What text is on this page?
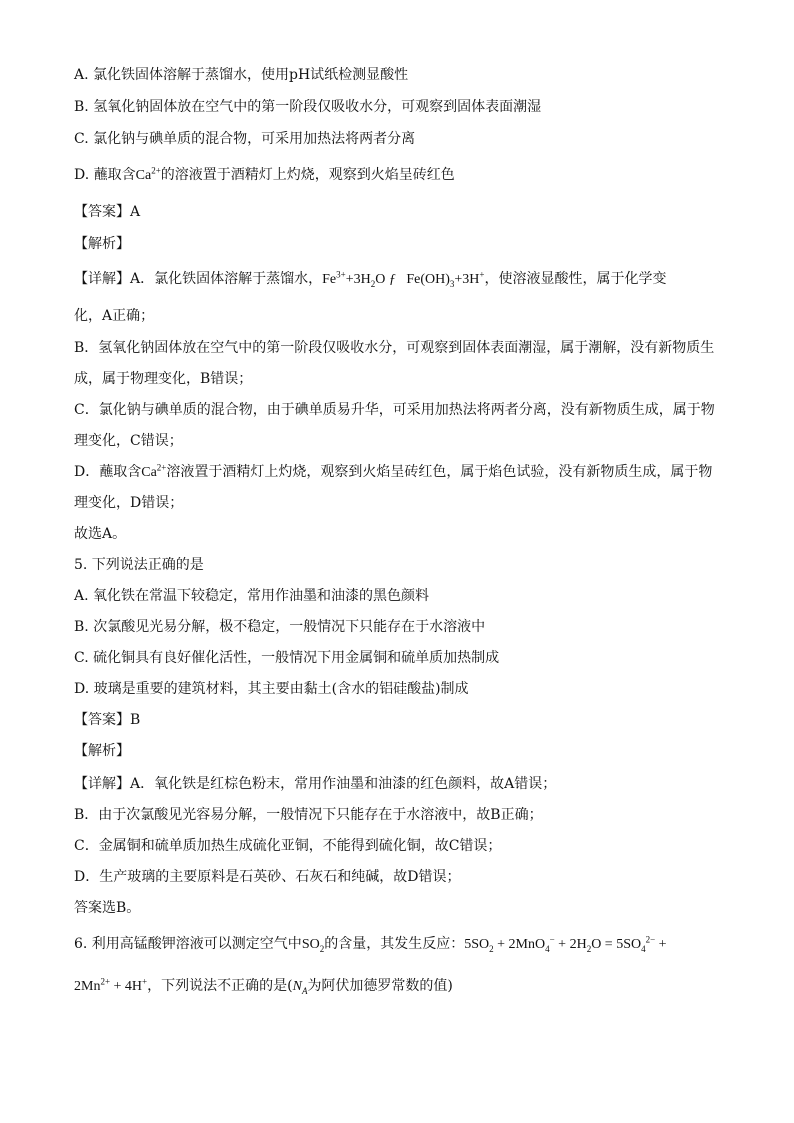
A. 氯化铁固体溶解于蒸馏水，使用pH试纸检测显酸性
B. 氢氧化钠固体放在空气中的第一阶段仅吸收水分，可观察到固体表面潮湿
C. 氯化钠与碘单质的混合物，可采用加热法将两者分离
D. 蘸取含$Ca^{2+}$的溶液置于酒精灯上灼烧，观察到火焰呈砖红色
【答案】A
【解析】
【详解】A．氯化铁固体溶解于蒸馏水，$Fe^{3+}+3H_2O$ ƒ $Fe(OH)_3+3H^+$，使溶液显酸性，属于化学变
化，A正确；
B．氢氧化钠固体放在空气中的第一阶段仅吸收水分，可观察到固体表面潮湿，属于潮解，没有新物质生
成，属于物理变化，B错误；
C．氯化钠与碘单质的混合物，由于碘单质易升华，可采用加热法将两者分离，没有新物质生成，属于物
理变化，C错误；
D．蘸取含$Ca^{2+}$溶液置于酒精灯上灼烧，观察到火焰呈砖红色，属于焰色试验，没有新物质生成，属于物
理变化，D错误；
故选A。
5. 下列说法正确的是
A. 氧化铁在常温下较稳定，常用作油墨和油漆的黑色颜料
B. 次氯酸见光易分解，极不稳定，一般情况下只能存在于水溶液中
C. 硫化铜具有良好催化活性，一般情况下用金属铜和硫单质加热制成
D. 玻璃是重要的建筑材料，其主要由黏土(含水的铝硅酸盐)制成
【答案】B
【解析】
【详解】A．氧化铁是红棕色粉末，常用作油墨和油漆的红色颜料，故A错误；
B．由于次氯酸见光容易分解，一般情况下只能存在于水溶液中，故B正确；
C．金属铜和硫单质加热生成硫化亚铜，不能得到硫化铜，故C错误；
D．生产玻璃的主要原料是石英砂、石灰石和纯碱，故D错误；
答案选B。
6. 利用高锰酸钾溶液可以测定空气中$SO_2$的含量，其发生反应：$5SO_2 + 2MnO_4^- + 2H_2O = 5SO_4^{2-}$ +
$2Mn^{2+} + 4H^+$，下列说法不正确的是($N_A$为阿伏加德罗常数的值)
